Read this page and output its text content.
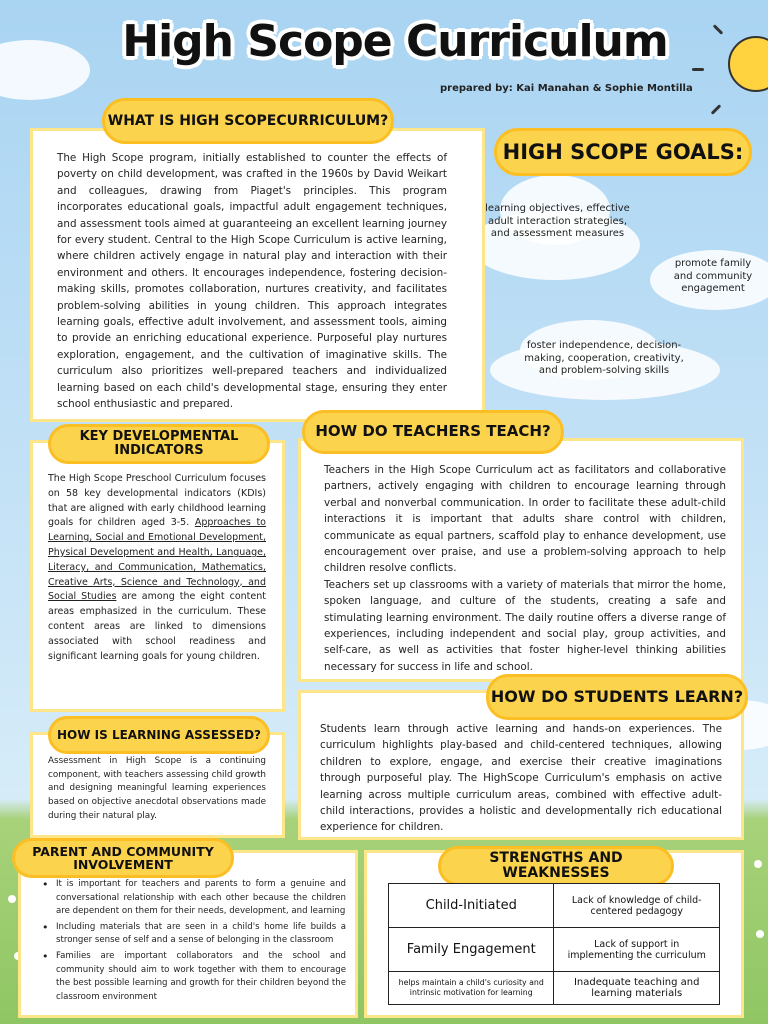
High Scope Curriculum
prepared by: Kai Manahan & Sophie Montilla
The High Scope program, initially established to counter the effects of poverty on child development, was crafted in the 1960s by David Weikart and colleagues, drawing from Piaget's principles. This program incorporates educational goals, impactful adult engagement techniques, and assessment tools aimed at guaranteeing an excellent learning journey for every student. Central to the High Scope Curriculum is active learning, where children actively engage in natural play and interaction with their environment and others. It encourages independence, fostering decision-making skills, promotes collaboration, nurtures creativity, and facilitates problem-solving abilities in young children. This approach integrates learning goals, effective adult involvement, and assessment tools, aiming to provide an enriching educational experience. Purposeful play nurtures exploration, engagement, and the cultivation of imaginative skills. The curriculum also prioritizes well-prepared teachers and individualized learning based on each child's developmental stage, ensuring they enter school enthusiastic and prepared.
WHAT IS HIGH SCOPECURRICULUM?
HIGH SCOPE GOALS:
learning objectives, effective adult interaction strategies, and assessment measures
promote family and community engagement
foster independence, decision-making, cooperation, creativity, and problem-solving skills
The High Scope Preschool Curriculum focuses on 58 key developmental indicators (KDIs) that are aligned with early childhood learning goals for children aged 3-5. Approaches to Learning, Social and Emotional Development, Physical Development and Health, Language, Literacy, and Communication, Mathematics, Creative Arts, Science and Technology, and Social Studies are among the eight content areas emphasized in the curriculum. These content areas are linked to dimensions associated with school readiness and significant learning goals for young children.
KEY DEVELOPMENTAL INDICATORS
Teachers in the High Scope Curriculum act as facilitators and collaborative partners, actively engaging with children to encourage learning through verbal and nonverbal communication. In order to facilitate these adult-child interactions it is important that adults share control with children, communicate as equal partners, scaffold play to enhance development, use encouragement over praise, and use a problem-solving approach to help children resolve conflicts.
Teachers set up classrooms with a variety of materials that mirror the home, spoken language, and culture of the students, creating a safe and stimulating learning environment. The daily routine offers a diverse range of experiences, including independent and social play, group activities, and self-care, as well as activities that foster higher-level thinking abilities necessary for success in life and school.
HOW DO TEACHERS TEACH?
Students learn through active learning and hands-on experiences. The curriculum highlights play-based and child-centered techniques, allowing children to explore, engage, and exercise their creative imaginations through purposeful play. The HighScope Curriculum's emphasis on active learning across multiple curriculum areas, combined with effective adult-child interactions, provides a holistic and developmentally rich educational experience for children.
HOW DO STUDENTS LEARN?
Assessment in High Scope is a continuing component, with teachers assessing child growth and designing meaningful learning experiences based on objective anecdotal observations made during their natural play.
HOW IS LEARNING ASSESSED?
• It is important for teachers and parents to form a genuine and conversational relationship with each other because the children are dependent on them for their needs, development, and learning
• Including materials that are seen in a child's home life builds a stronger sense of self and a sense of belonging in the classroom
• Families are important collaborators and the school and community should aim to work together with them to encourage the best possible learning and growth for their children beyond the classroom environment
PARENT AND COMMUNITY INVOLVEMENT	STRENGTHS AND WEAKNESSES
Child-Initiated	Lack of knowledge of child-centered pedagogy
Family Engagement	Lack of support in implementing the curriculum
helps maintain a child's curiosity and intrinsic motivation for learning	Inadequate teaching and learning materials
